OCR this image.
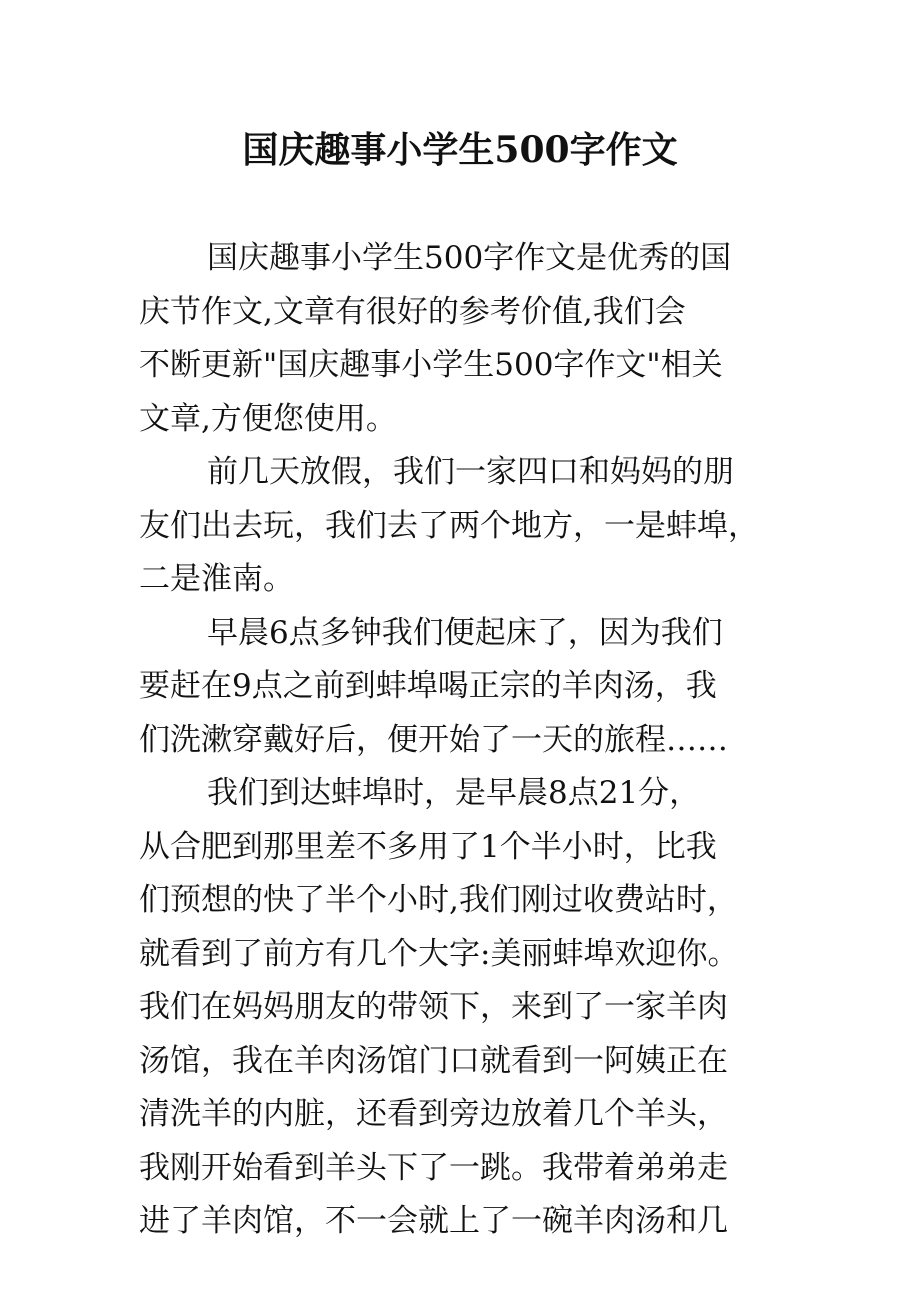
国庆趣事小学生500字作文
国庆趣事小学生500字作文是优秀的国
庆节作文,文章有很好的参考价值,我们会
不断更新"国庆趣事小学生500字作文"相关
文章,方便您使用。
前几天放假，我们一家四口和妈妈的朋
友们出去玩，我们去了两个地方，一是蚌埠，
二是淮南。
早晨6点多钟我们便起床了，因为我们
要赶在9点之前到蚌埠喝正宗的羊肉汤，我
们洗漱穿戴好后，便开始了一天的旅程……
我们到达蚌埠时，是早晨8点21分，
从合肥到那里差不多用了1个半小时，比我
们预想的快了半个小时,我们刚过收费站时，
就看到了前方有几个大字:美丽蚌埠欢迎你。
我们在妈妈朋友的带领下，来到了一家羊肉
汤馆，我在羊肉汤馆门口就看到一阿姨正在
清洗羊的内脏，还看到旁边放着几个羊头，
我刚开始看到羊头下了一跳。我带着弟弟走
进了羊肉馆，不一会就上了一碗羊肉汤和几
